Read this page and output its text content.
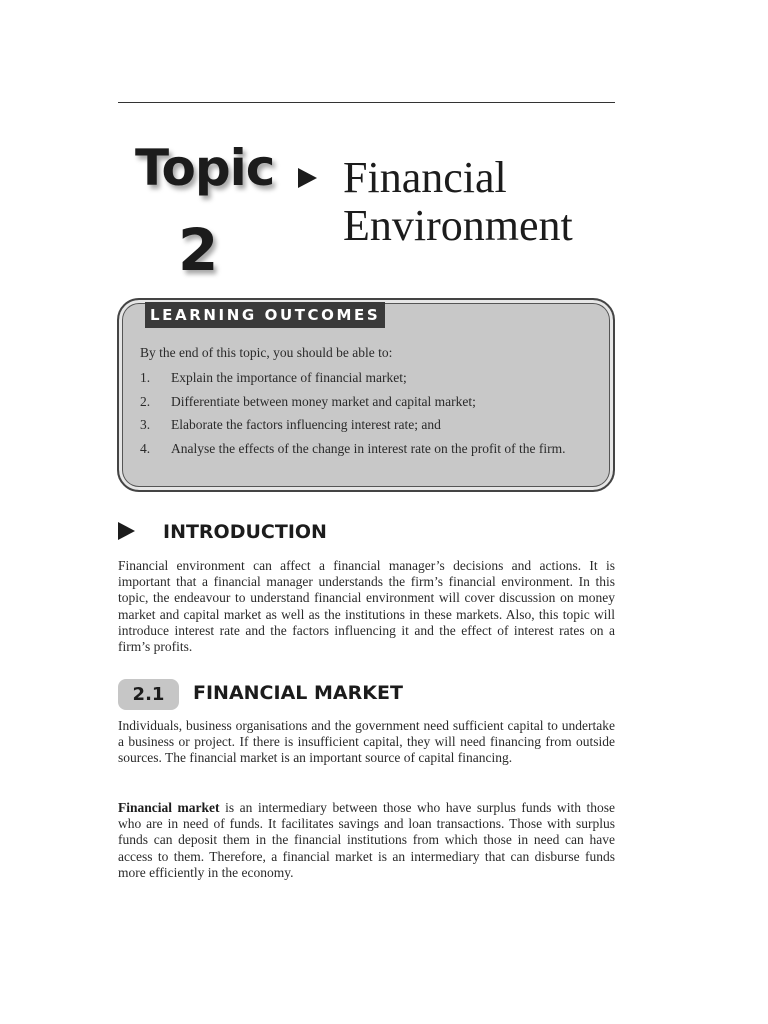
Topic
2
Financial
Environment
LEARNING OUTCOMES
By the end of this topic, you should be able to:
1.	Explain the importance of financial market;
2.	Differentiate between money market and capital market;
3.	Elaborate the factors influencing interest rate; and
4.	Analyse the effects of the change in interest rate on the profit of the firm.
INTRODUCTION
Financial environment can affect a financial manager’s decisions and actions. It is important that a financial manager understands the firm’s financial environment. In this topic, the endeavour to understand financial environment will cover discussion on money market and capital market as well as the institutions in these markets. Also, this topic will introduce interest rate and the factors influencing it and the effect of interest rates on a firm’s profits.
2.1	FINANCIAL MARKET
Individuals, business organisations and the government need sufficient capital to undertake a business or project. If there is insufficient capital, they will need financing from outside sources. The financial market is an important source of capital financing.
Financial market is an intermediary between those who have surplus funds with those who are in need of funds. It facilitates savings and loan transactions. Those with surplus funds can deposit them in the financial institutions from which those in need can have access to them. Therefore, a financial market is an intermediary that can disburse funds more efficiently in the economy.
